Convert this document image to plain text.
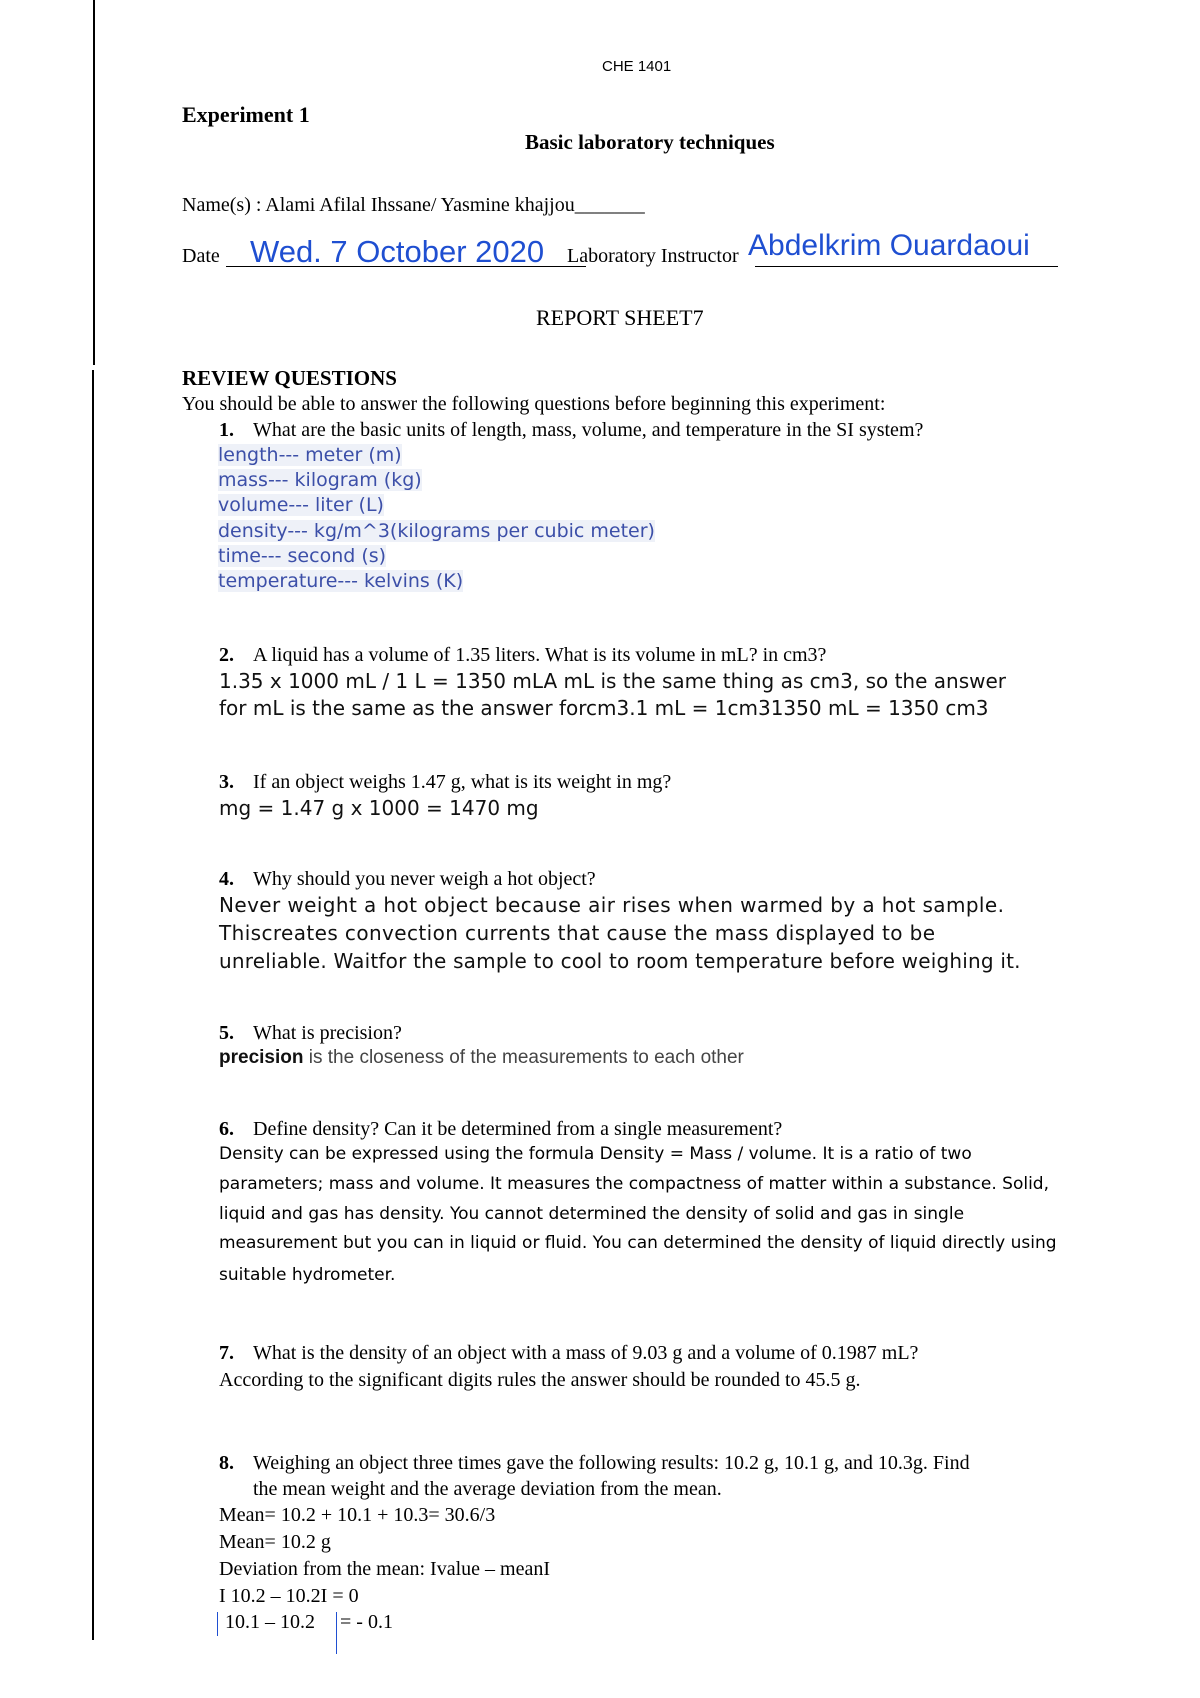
CHE 1401
Experiment 1
Basic laboratory techniques
Name(s) : Alami Afilal Ihssane/ Yasmine khajjou_______
Date Wed. 7 October 2020 Laboratory Instructor Abdelkrim Ouardaoui
REPORT SHEET7
REVIEW QUESTIONS
You should be able to answer the following questions before beginning this experiment:
1. What are the basic units of length, mass, volume, and temperature in the SI system?
length--- meter (m)
mass--- kilogram (kg)
volume--- liter (L)
density--- kg/m^3(kilograms per cubic meter)
time--- second (s)
temperature--- kelvins (K)
2. A liquid has a volume of 1.35 liters. What is its volume in mL? in cm3?
1.35 x 1000 mL / 1 L = 1350 mLA mL is the same thing as cm3, so the answer
for mL is the same as the answer forcm3.1 mL = 1cm31350 mL = 1350 cm3
3. If an object weighs 1.47 g, what is its weight in mg?
mg = 1.47 g x 1000 = 1470 mg
4. Why should you never weigh a hot object?
Never weight a hot object because air rises when warmed by a hot sample.
Thiscreates convection currents that cause the mass displayed to be
unreliable. Waitfor the sample to cool to room temperature before weighing it.
5. What is precision?
precision is the closeness of the measurements to each other
6. Define density? Can it be determined from a single measurement?
Density can be expressed using the formula Density = Mass / volume. It is a ratio of two
parameters; mass and volume. It measures the compactness of matter within a substance. Solid,
liquid and gas has density. You cannot determined the density of solid and gas in single
measurement but you can in liquid or fluid. You can determined the density of liquid directly using
suitable hydrometer.
7. What is the density of an object with a mass of 9.03 g and a volume of 0.1987 mL?
According to the significant digits rules the answer should be rounded to 45.5 g.
8. Weighing an object three times gave the following results: 10.2 g, 10.1 g, and 10.3g. Find
the mean weight and the average deviation from the mean.
Mean= 10.2 + 10.1 + 10.3= 30.6/3
Mean= 10.2 g
Deviation from the mean: Ivalue – meanI
I 10.2 – 10.2I = 0
10.1 – 10.2 = - 0.1
